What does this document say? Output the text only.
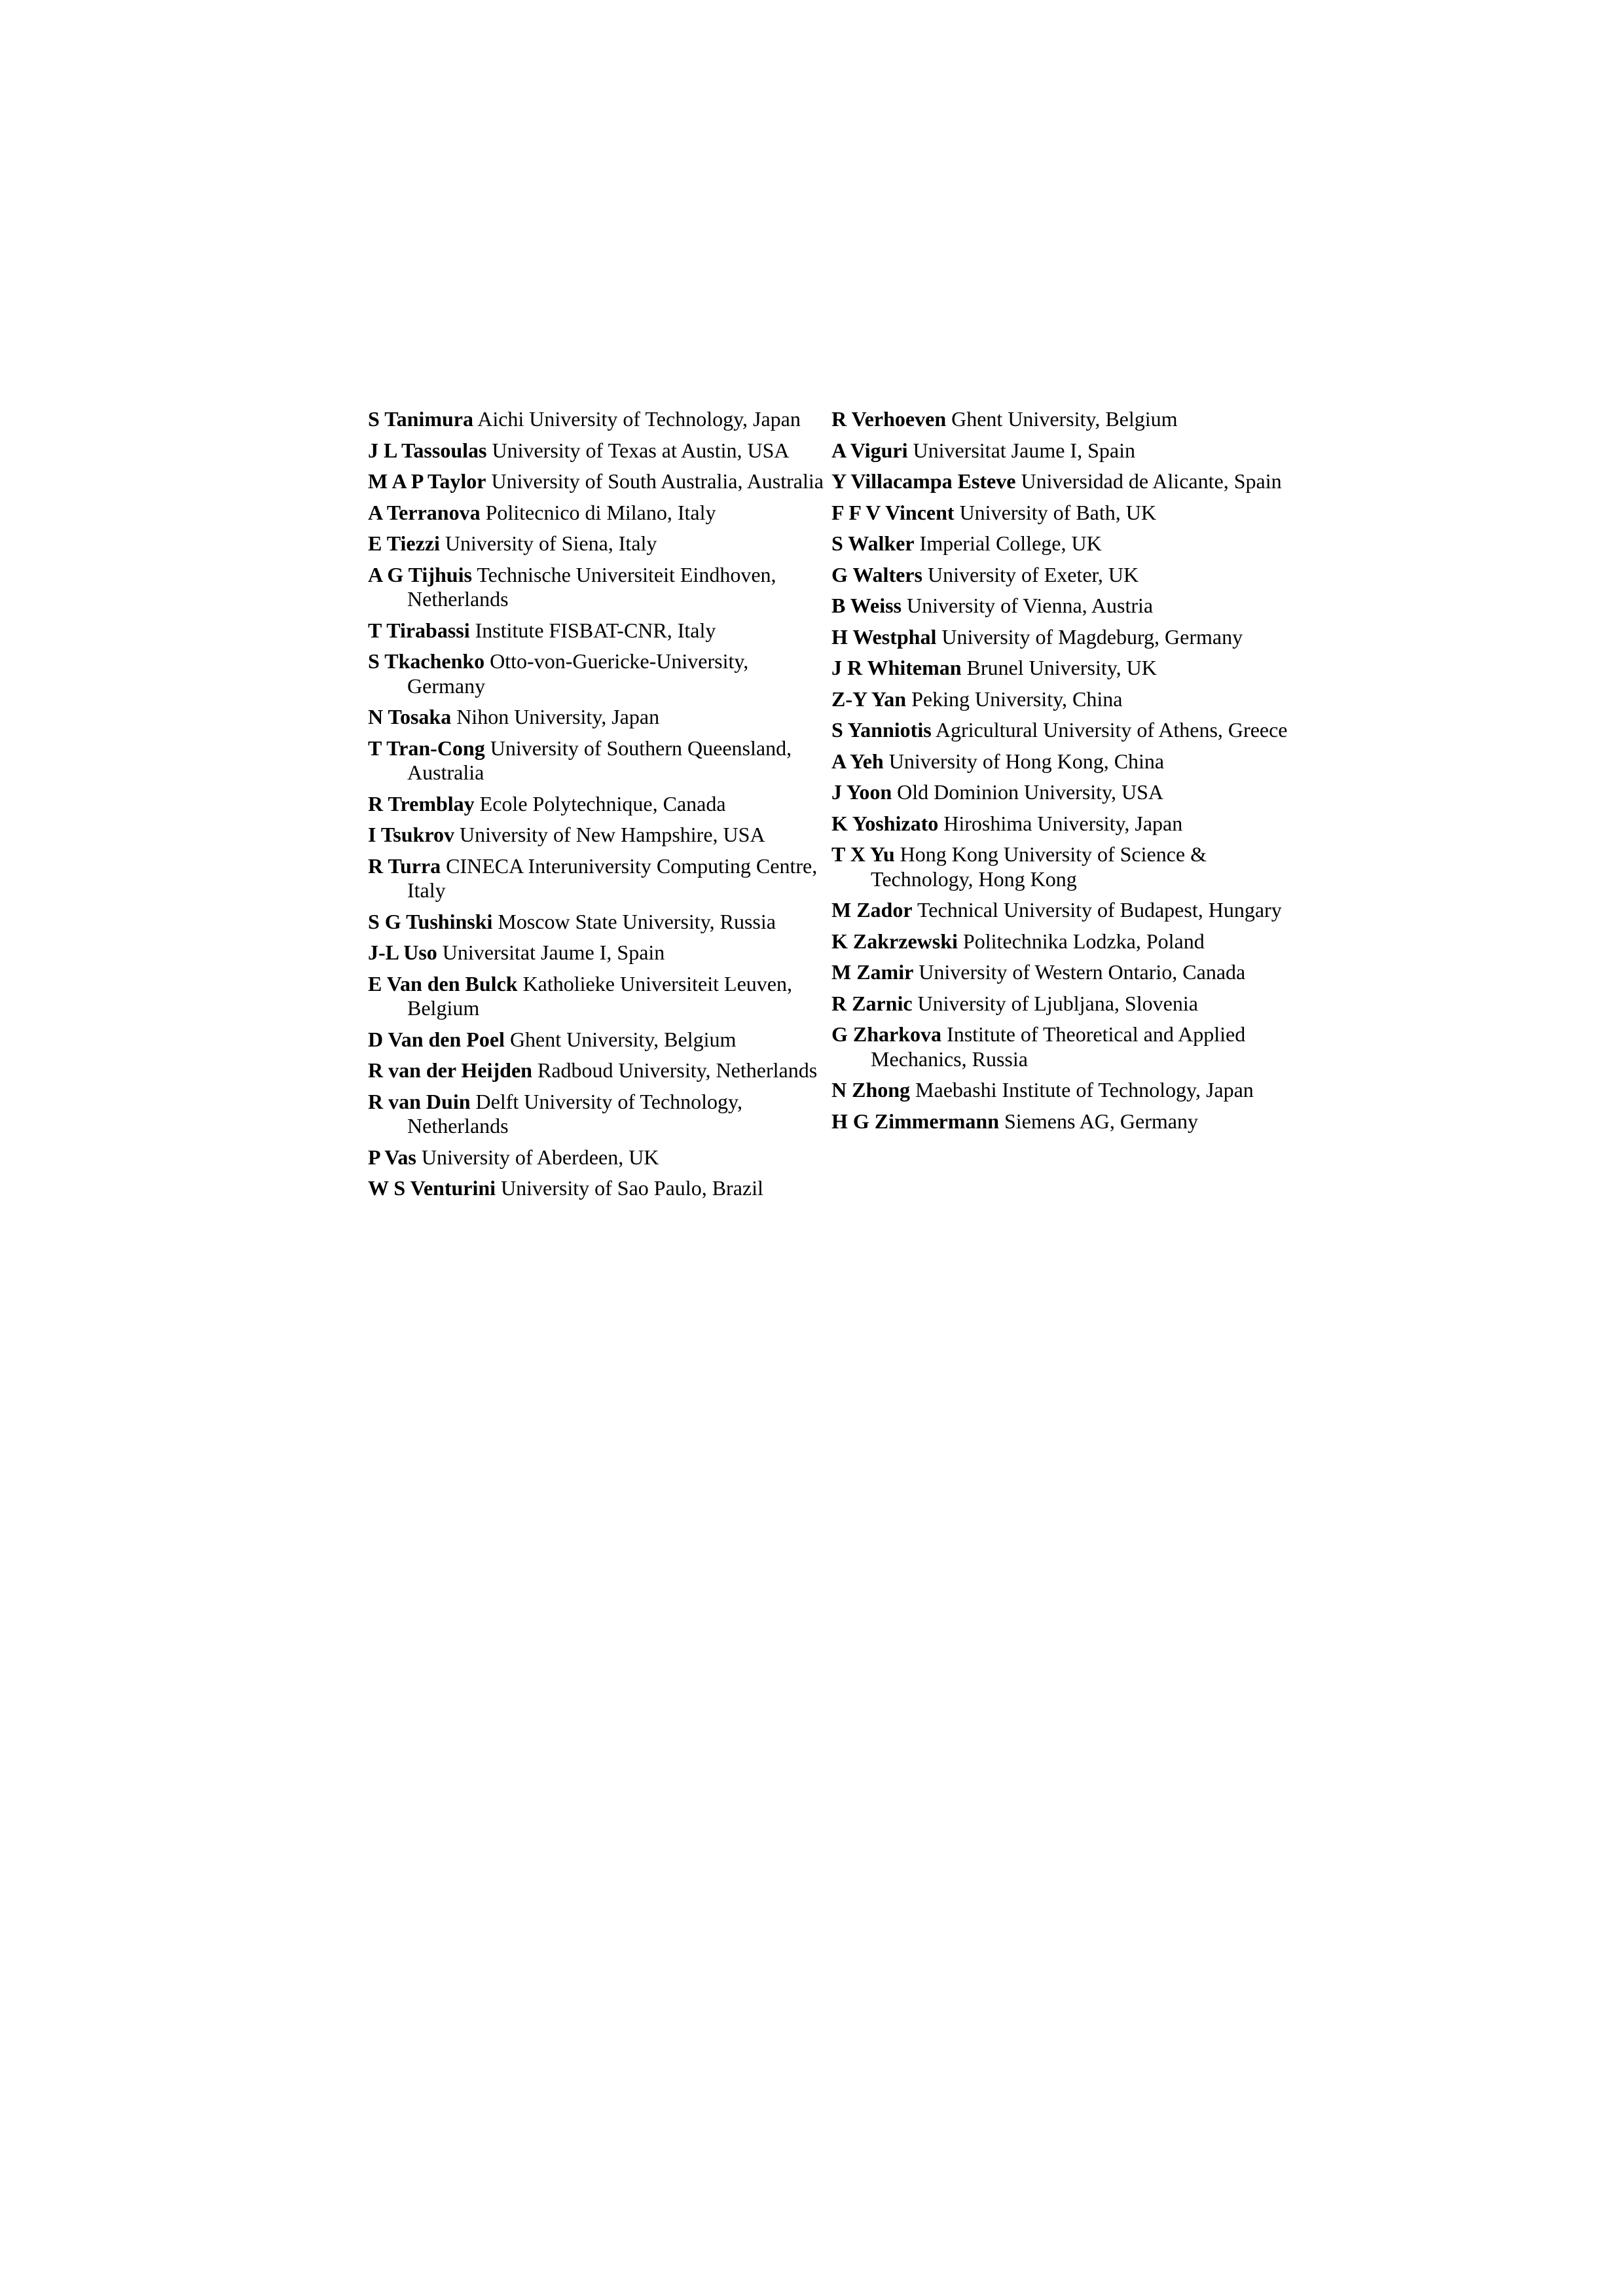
S Tanimura Aichi University of Technology, Japan
J L Tassoulas University of Texas at Austin, USA
M A P Taylor University of South Australia, Australia
A Terranova Politecnico di Milano, Italy
E Tiezzi University of Siena, Italy
A G Tijhuis Technische Universiteit Eindhoven, Netherlands
T Tirabassi Institute FISBAT-CNR, Italy
S Tkachenko Otto-von-Guericke-University, Germany
N Tosaka Nihon University, Japan
T Tran-Cong University of Southern Queensland, Australia
R Tremblay Ecole Polytechnique, Canada
I Tsukrov University of New Hampshire, USA
R Turra CINECA Interuniversity Computing Centre, Italy
S G Tushinski Moscow State University, Russia
J-L Uso Universitat Jaume I, Spain
E Van den Bulck Katholieke Universiteit Leuven, Belgium
D Van den Poel Ghent University, Belgium
R van der Heijden Radboud University, Netherlands
R van Duin Delft University of Technology, Netherlands
P Vas University of Aberdeen, UK
W S Venturini University of Sao Paulo, Brazil
R Verhoeven Ghent University, Belgium
A Viguri Universitat Jaume I, Spain
Y Villacampa Esteve Universidad de Alicante, Spain
F F V Vincent University of Bath, UK
S Walker Imperial College, UK
G Walters University of Exeter, UK
B Weiss University of Vienna, Austria
H Westphal University of Magdeburg, Germany
J R Whiteman Brunel University, UK
Z-Y Yan Peking University, China
S Yanniotis Agricultural University of Athens, Greece
A Yeh University of Hong Kong, China
J Yoon Old Dominion University, USA
K Yoshizato Hiroshima University, Japan
T X Yu Hong Kong University of Science & Technology, Hong Kong
M Zador Technical University of Budapest, Hungary
K Zakrzewski Politechnika Lodzka, Poland
M Zamir University of Western Ontario, Canada
R Zarnic University of Ljubljana, Slovenia
G Zharkova Institute of Theoretical and Applied Mechanics, Russia
N Zhong Maebashi Institute of Technology, Japan
H G Zimmermann Siemens AG, Germany
